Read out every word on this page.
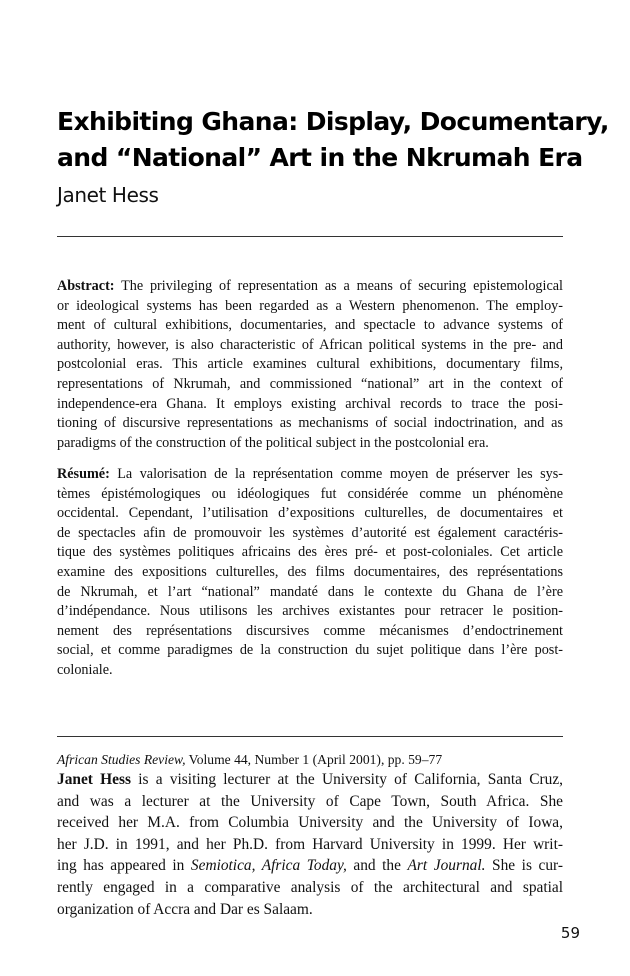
Exhibiting Ghana: Display, Documentary,
and “National” Art in the Nkrumah Era

Janet Hess

Abstract: The privileging of representation as a means of securing epistemological
or ideological systems has been regarded as a Western phenomenon. The employ-
ment of cultural exhibitions, documentaries, and spectacle to advance systems of
authority, however, is also characteristic of African political systems in the pre- and
postcolonial eras. This article examines cultural exhibitions, documentary films,
representations of Nkrumah, and commissioned “national” art in the context of
independence-era Ghana. It employs existing archival records to trace the posi-
tioning of discursive representations as mechanisms of social indoctrination, and as
paradigms of the construction of the political subject in the postcolonial era.
Résumé: La valorisation de la représentation comme moyen de préserver les sys-
tèmes épistémologiques ou idéologiques fut considérée comme un phénomène
occidental. Cependant, l’utilisation d’expositions culturelles, de documentaires et
de spectacles afin de promouvoir les systèmes d’autorité est également caractéris-
tique des systèmes politiques africains des ères pré- et post-coloniales. Cet article
examine des expositions culturelles, des films documentaires, des représentations
de Nkrumah, et l’art “national” mandaté dans le contexte du Ghana de l’ère
d’indépendance. Nous utilisons les archives existantes pour retracer le position-
nement des représentations discursives comme mécanismes d’endoctrinement
social, et comme paradigmes de la construction du sujet politique dans l’ère post-
coloniale.
African Studies Review, Volume 44, Number 1 (April 2001), pp. 59–77
Janet Hess is a visiting lecturer at the University of California, Santa Cruz,
and was a lecturer at the University of Cape Town, South Africa. She
received her M.A. from Columbia University and the University of Iowa,
her J.D. in 1991, and her Ph.D. from Harvard University in 1999. Her writ-
ing has appeared in Semiotica, Africa Today, and the Art Journal. She is cur-
rently engaged in a comparative analysis of the architectural and spatial
organization of Accra and Dar es Salaam.
59
